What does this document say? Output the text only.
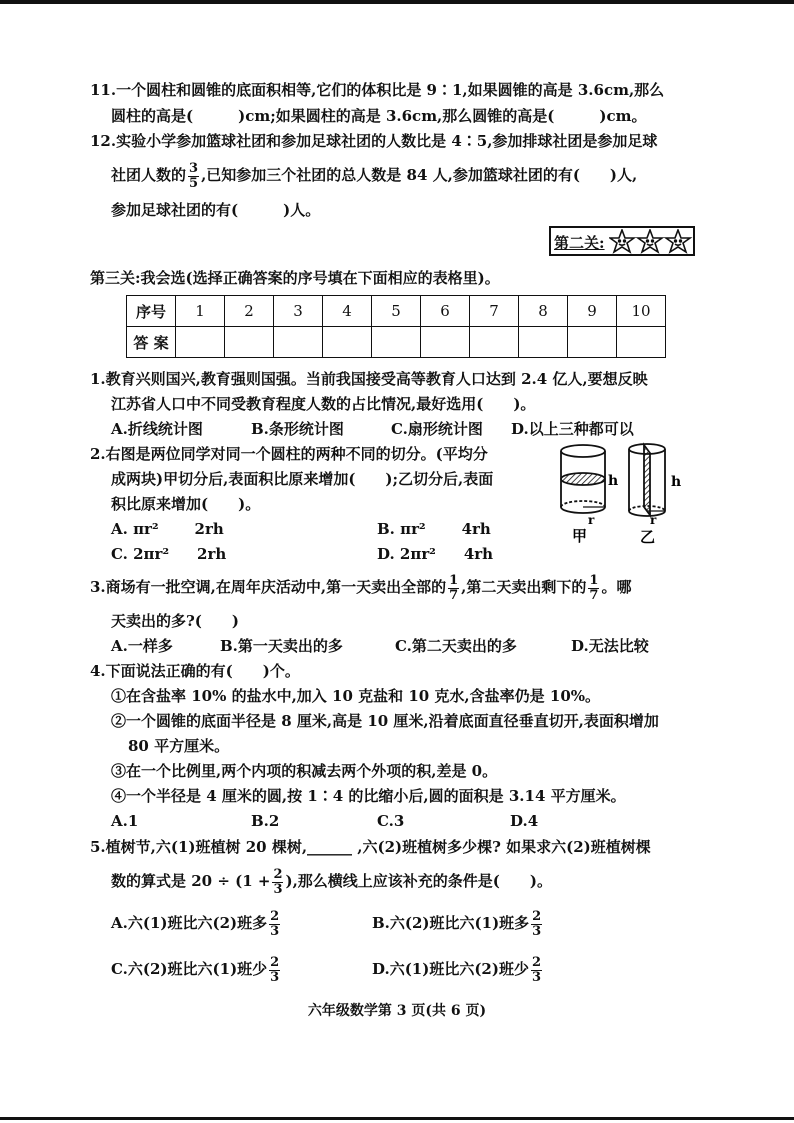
11.一个圆柱和圆锥的底面积相等,它们的体积比是 9∶1,如果圆锥的高是 3.6cm,那么
圆柱的高是(　　　)cm;如果圆柱的高是 3.6cm,那么圆锥的高是(　　　)cm。
12.实验小学参加篮球社团和参加足球社团的人数比是 4∶5,参加排球社团是参加足球
社团人数的 $\frac{3}{5}$ ,已知参加三个社团的总人数是 84 人,参加篮球社团的有(　　)人,
参加足球社团的有(　　　)人。
第二关:
第三关:我会选(选择正确答案的序号填在下面相应的表格里)。
序号	1	2	3	4	5	6	7	8	9	10
答 案										
1.教育兴则国兴,教育强则国强。当前我国接受高等教育人口达到 2.4 亿人,要想反映
江苏省人口中不同受教育程度人数的占比情况,最好选用(　　)。
A.折线统计图	B.条形统计图	C.扇形统计图 D.以上三种都可以
2.右图是两位同学对同一个圆柱的两种不同的切分。(平均分
成两块)甲切分后,表面积比原来增加(　　);乙切分后,表面
积比原来增加(　　)。
A. πr² 2rh	B. πr² 4rh
C. 2πr² 2rh	D. 2πr² 4rh
h	h
r	r
甲	乙
3.商场有一批空调,在周年庆活动中,第一天卖出全部的 $\frac{1}{7}$ ,第二天卖出剩下的 $\frac{1}{7}$ 。哪
天卖出的多?(　　)
A.一样多	B.第一天卖出的多	C.第二天卖出的多	D.无法比较
4.下面说法正确的有(　　)个。
①在含盐率 10% 的盐水中,加入 10 克盐和 10 克水,含盐率仍是 10%。
②一个圆锥的底面半径是 8 厘米,高是 10 厘米,沿着底面直径垂直切开,表面积增加
80 平方厘米。
③在一个比例里,两个内项的积减去两个外项的积,差是 0。
④一个半径是 4 厘米的圆,按 1∶4 的比缩小后,圆的面积是 3.14 平方厘米。
A.1	B.2	C.3	D.4
5.植树节,六(1)班植树 20 棵树,______ ,六(2)班植树多少棵? 如果求六(2)班植树棵
数的算式是 $20 \div (1 + \frac{2}{3}$ ),那么横线上应该补充的条件是(　　)。
A.六(1)班比六(2)班多 $\frac{2}{3}$	B.六(2)班比六(1)班多 $\frac{2}{3}$
C.六(2)班比六(1)班少 $\frac{2}{3}$	D.六(1)班比六(2)班少 $\frac{2}{3}$
六年级数学第 3 页(共 6 页)
